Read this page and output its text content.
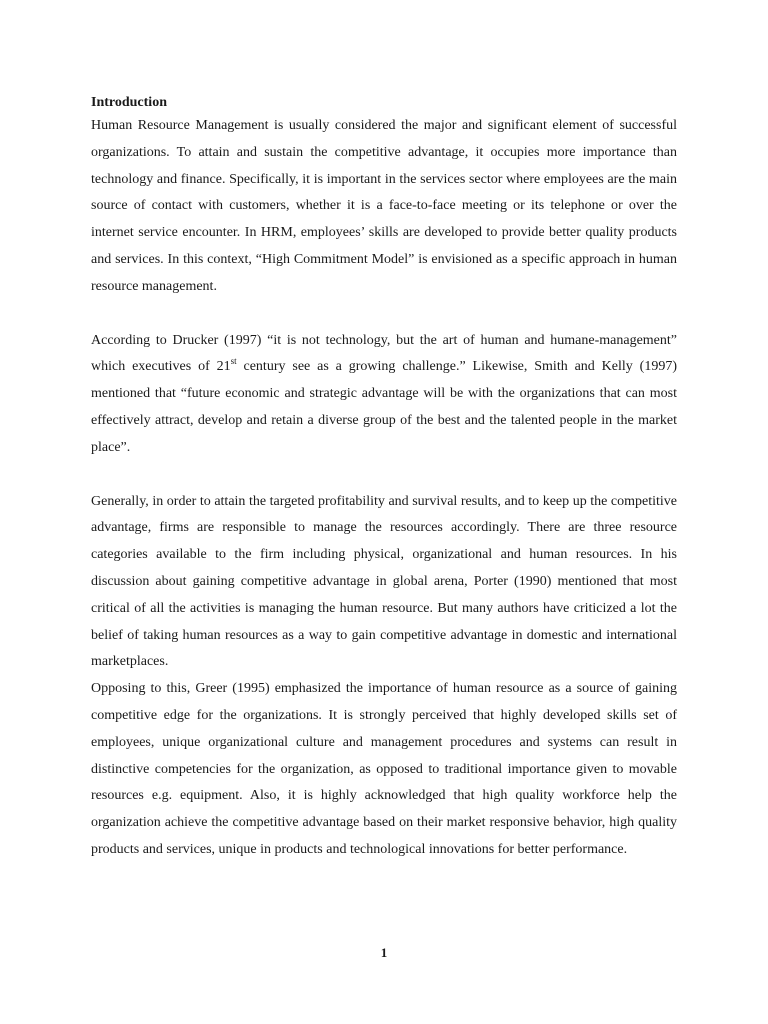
Introduction

Human Resource Management is usually considered the major and significant element of successful organizations. To attain and sustain the competitive advantage, it occupies more importance than technology and finance. Specifically, it is important in the services sector where employees are the main source of contact with customers, whether it is a face-to-face meeting or its telephone or over the internet service encounter. In HRM, employees’ skills are developed to provide better quality products and services. In this context, “High Commitment Model” is envisioned as a specific approach in human resource management.

According to Drucker (1997) “it is not technology, but the art of human and humane-management” which executives of 21st century see as a growing challenge.” Likewise, Smith and Kelly (1997) mentioned that “future economic and strategic advantage will be with the organizations that can most effectively attract, develop and retain a diverse group of the best and the talented people in the market place”.

Generally, in order to attain the targeted profitability and survival results, and to keep up the competitive advantage, firms are responsible to manage the resources accordingly. There are three resource categories available to the firm including physical, organizational and human resources. In his discussion about gaining competitive advantage in global arena, Porter (1990) mentioned that most critical of all the activities is managing the human resource. But many authors have criticized a lot the belief of taking human resources as a way to gain competitive advantage in domestic and international marketplaces.

Opposing to this, Greer (1995) emphasized the importance of human resource as a source of gaining competitive edge for the organizations. It is strongly perceived that highly developed skills set of employees, unique organizational culture and management procedures and systems can result in distinctive competencies for the organization, as opposed to traditional importance given to movable resources e.g. equipment. Also, it is highly acknowledged that high quality workforce help the organization achieve the competitive advantage based on their market responsive behavior, high quality products and services, unique in products and technological innovations for better performance.

1
